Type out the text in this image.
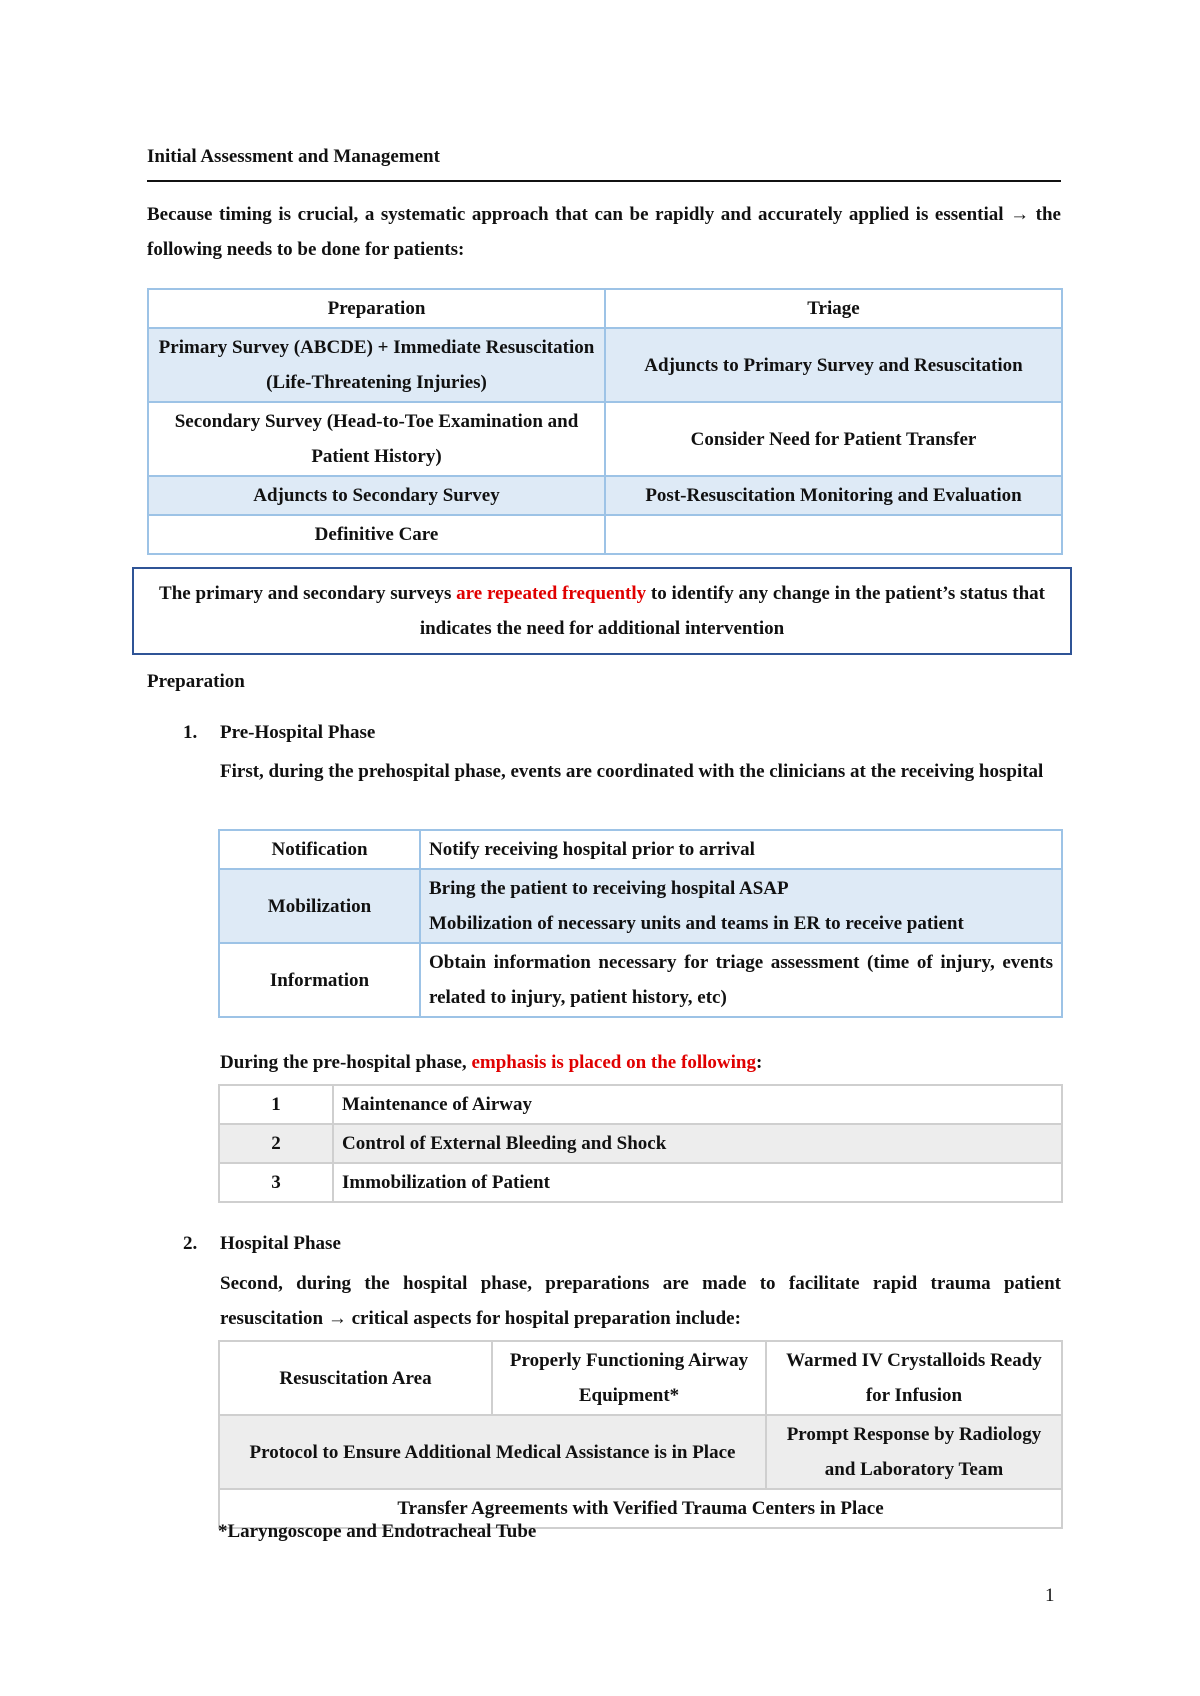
Initial Assessment and Management
Because timing is crucial, a systematic approach that can be rapidly and accurately applied is essential → the following needs to be done for patients:
Preparation	Triage
Primary Survey (ABCDE) + Immediate Resuscitation (Life-Threatening Injuries)	Adjuncts to Primary Survey and Resuscitation
Secondary Survey (Head-to-Toe Examination and Patient History)	Consider Need for Patient Transfer
Adjuncts to Secondary Survey	Post-Resuscitation Monitoring and Evaluation
Definitive Care	
The primary and secondary surveys are repeated frequently to identify any change in the patient’s status that indicates the need for additional intervention
Preparation
1. Pre-Hospital Phase
First, during the prehospital phase, events are coordinated with the clinicians at the receiving hospital
Notification	Notify receiving hospital prior to arrival
Mobilization	Bring the patient to receiving hospital ASAP
Mobilization of necessary units and teams in ER to receive patient

Information	Obtain information necessary for triage assessment (time of injury, events related to injury, patient history, etc)
During the pre-hospital phase, emphasis is placed on the following:
1	Maintenance of Airway
2	Control of External Bleeding and Shock
3	Immobilization of Patient
2. Hospital Phase
Second, during the hospital phase, preparations are made to facilitate rapid trauma patient resuscitation → critical aspects for hospital preparation include:
Resuscitation Area	Properly Functioning Airway Equipment*	Warmed IV Crystalloids Ready for Infusion
Protocol to Ensure Additional Medical Assistance is in Place		Prompt Response by Radiology and Laboratory Team
Transfer Agreements with Verified Trauma Centers in Place		
*Laryngoscope and Endotracheal Tube
1
